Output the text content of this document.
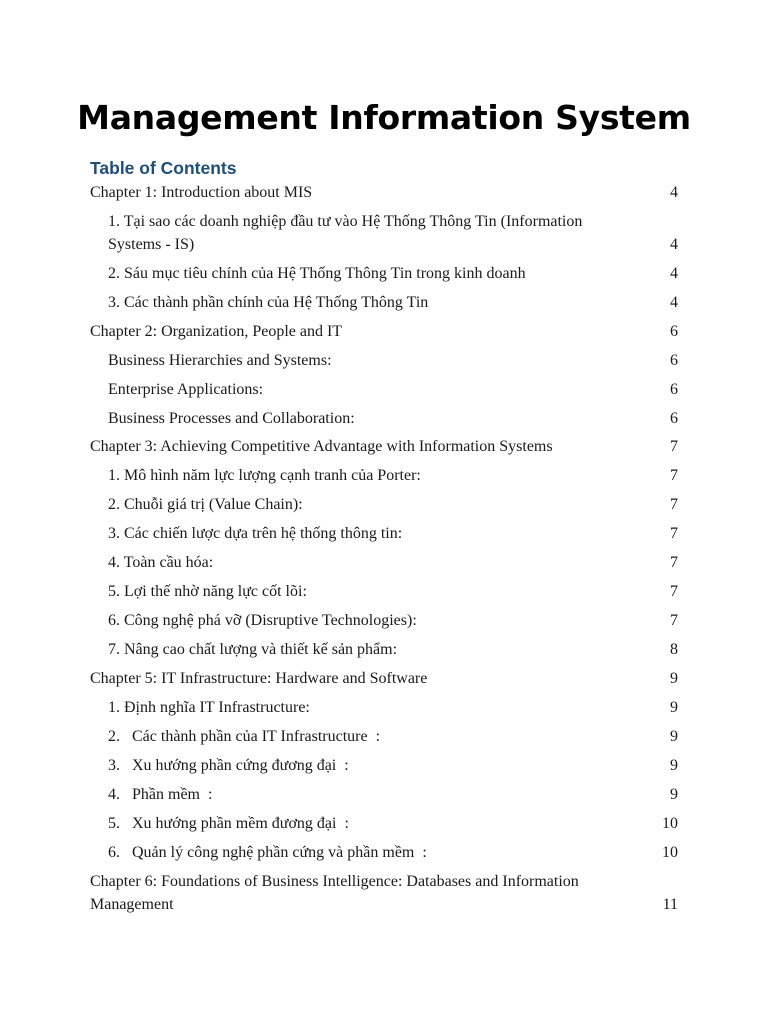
Management Information System
Table of Contents
Chapter 1: Introduction about MIS	4
1. Tại sao các doanh nghiệp đầu tư vào Hệ Thống Thông Tin (Information Systems - IS)	4
2. Sáu mục tiêu chính của Hệ Thống Thông Tin trong kinh doanh	4
3. Các thành phần chính của Hệ Thống Thông Tin	4
Chapter 2: Organization, People and IT	6
Business Hierarchies and Systems:	6
Enterprise Applications:	6
Business Processes and Collaboration:	6
Chapter 3: Achieving Competitive Advantage with Information Systems	7
1. Mô hình năm lực lượng cạnh tranh của Porter:	7
2. Chuỗi giá trị (Value Chain):	7
3. Các chiến lược dựa trên hệ thống thông tin:	7
4. Toàn cầu hóa:	7
5. Lợi thế nhờ năng lực cốt lõi:	7
6. Công nghệ phá vỡ (Disruptive Technologies):	7
7. Nâng cao chất lượng và thiết kế sản phẩm:	8
Chapter 5: IT Infrastructure: Hardware and Software	9
1. Định nghĩa IT Infrastructure:	9
2.   Các thành phần của IT Infrastructure  :	9
3.   Xu hướng phần cứng đương đại  :	9
4.   Phần mềm  :	9
5.   Xu hướng phần mềm đương đại  :	10
6.   Quản lý công nghệ phần cứng và phần mềm  :	10
Chapter 6: Foundations of Business Intelligence: Databases and Information Management	11
